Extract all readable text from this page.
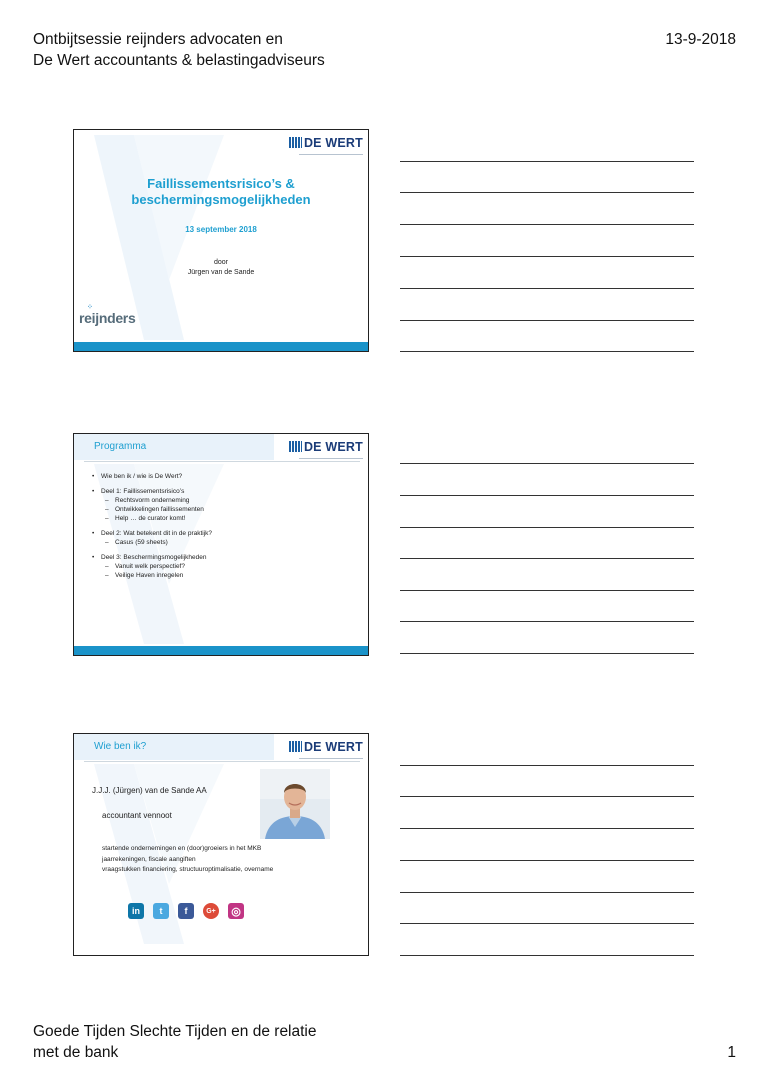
Ontbijtsessie reijnders advocaten en
De Wert accountants & belastingadviseurs
13-9-2018
DE WERT
Faillissementsrisico’s &
beschermingsmogelijkheden
13 september 2018
door
Jürgen van de Sande
⁘
reijnders
Programma	DE WERT
• Wie ben ik / wie is De Wert?
• Deel 1: Faillissementsrisico’s
– Rechtsvorm onderneming
– Ontwikkelingen faillissementen
– Help … de curator komt!
• Deel 2: Wat betekent dit in de praktijk?
– Casus (59 sheets)
• Deel 3: Beschermingsmogelijkheden
– Vanuit welk perspectief?
– Veilige Haven inregelen
Wie ben ik?	DE WERT
J.J.J. (Jürgen) van de Sande AA
accountant vennoot
startende ondernemingen en (door)groeiers in het MKB
jaarrekeningen, fiscale aangiften
vraagstukken financiering, structuuroptimalisatie, overname
in	t	f	G+ ◎
Goede Tijden Slechte Tijden en de relatie
met de bank	1
